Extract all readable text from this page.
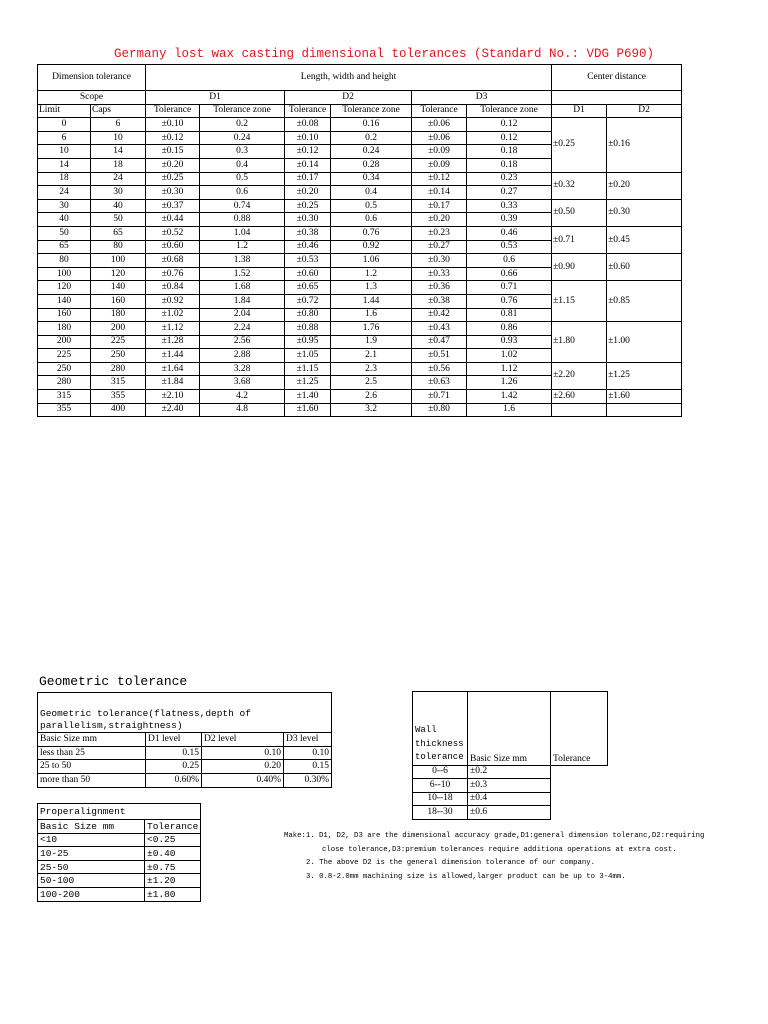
Germany lost wax casting dimensional tolerances (Standard No.: VDG P690)
Dimension tolerance		Length, width and height						Center distance	
Scope		D1		D2		D3			
Limit	Caps	Tolerance	Tolerance zone	Tolerance	Tolerance zone	Tolerance	Tolerance zone	D1	D2
0	6	±0.10	0.2	±0.08	0.16	±0.06	0.12	±0.25	±0.16
6	10	±0.12	0.24	±0.10	0.2	±0.06	0.12		
10	14	±0.15	0.3	±0.12	0.24	±0.09	0.18		
14	18	±0.20	0.4	±0.14	0.28	±0.09	0.18		
18	24	±0.25	0.5	±0.17	0.34	±0.12	0.23	±0.32	±0.20
24	30	±0.30	0.6	±0.20	0.4	±0.14	0.27		
30	40	±0.37	0.74	±0.25	0.5	±0.17	0.33	±0.50	±0.30
40	50	±0.44	0.88	±0.30	0.6	±0.20	0.39		
50	65	±0.52	1.04	±0.38	0.76	±0.23	0.46	±0.71	±0.45
65	80	±0.60	1.2	±0.46	0.92	±0.27	0.53		
80	100	±0.68	1.38	±0.53	1.06	±0.30	0.6	±0.90	±0.60
100	120	±0.76	1.52	±0.60	1.2	±0.33	0.66		
120	140	±0.84	1.68	±0.65	1.3	±0.36	0.71	±1.15	±0.85
140	160	±0.92	1.84	±0.72	1.44	±0.38	0.76		
160	180	±1.02	2.04	±0.80	1.6	±0.42	0.81		
180	200	±1.12	2.24	±0.88	1.76	±0.43	0.86	±1.80	±1.00
200	225	±1.28	2.56	±0.95	1.9	±0.47	0.93		
225	250	±1.44	2.88	±1.05	2.1	±0.51	1.02		
250	280	±1.64	3.28	±1.15	2.3	±0.56	1.12	±2.20	±1.25
280	315	±1.84	3.68	±1.25	2.5	±0.63	1.26		
315	355	±2.10	4.2	±1.40	2.6	±0.71	1.42	±2.60	±1.60
355	400	±2.40	4.8	±1.60	3.2	±0.80	1.6		
Geometric tolerance
Geometric tolerance(flatness,depth of			
parallelism,straightness)			
Basic Size mm	D1 level	D2 level	D3 level
less than 25	0.15	0.10	0.10
25 to 50	0.25	0.20	0.15
more than 50	0.60%	0.40%	0.30%
Wall thickness tolerance	Basic Size mm	Tolerance
0--6	±0.2	
6--10	±0.3	
10--18	±0.4	
18--30	±0.6	
Properalignment	
Basic Size mm	Tolerance
<10	<0.25
10-25	±0.40
25-50	±0.75
50-100	±1.20
100-200	±1.80
Make:1. D1, D2, D3 are the dimensional accuracy grade,D1:general dimension toleranc,D2:requiring
close tolerance,D3:premium tolerances require additiona operations at extra cost.
2. The above D2 is the general dimension tolerance of our company.
3. 0.8-2.0mm machining size is allowed,larger product can be up to 3-4mm.
